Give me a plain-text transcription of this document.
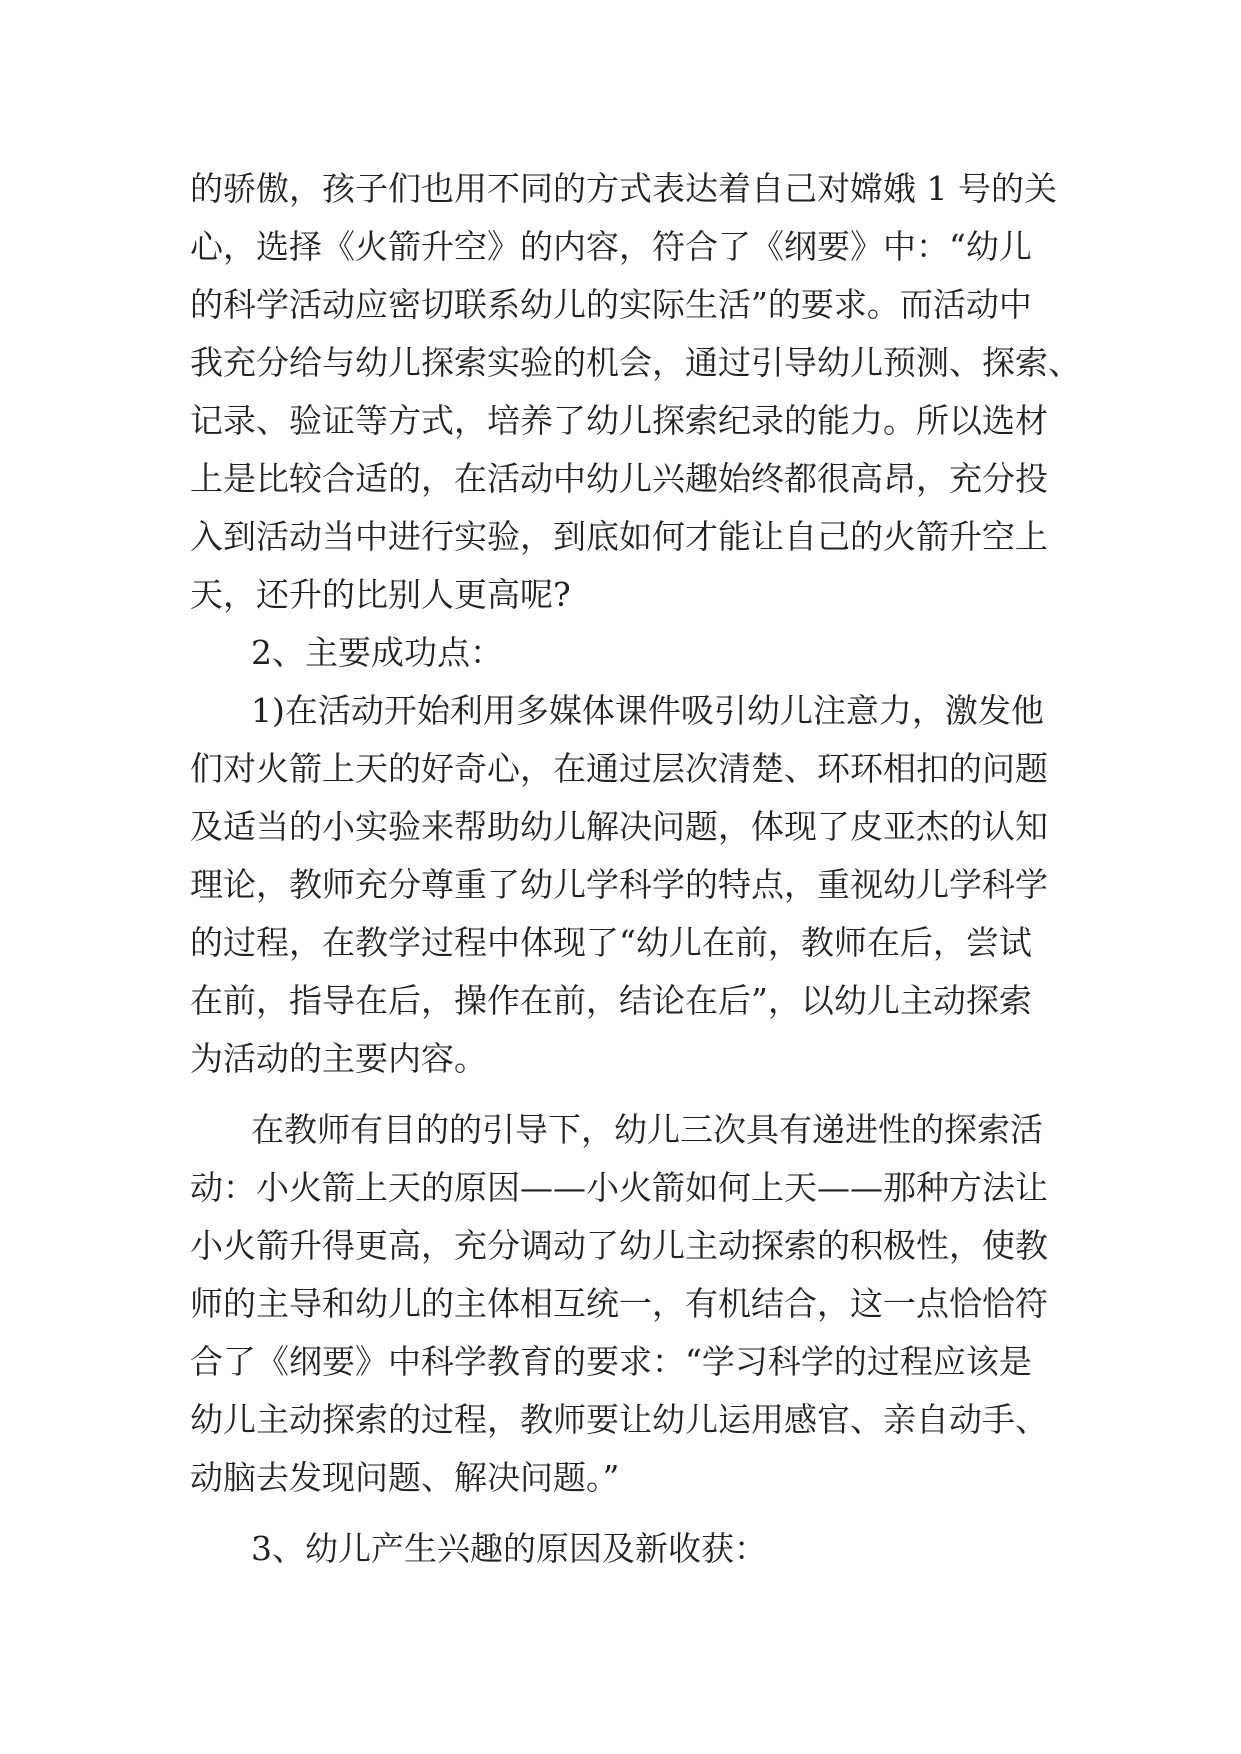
的骄傲，孩子们也用不同的方式表达着自己对嫦娥 1 号的关
心，选择《火箭升空》的内容，符合了《纲要》中：“幼儿
的科学活动应密切联系幼儿的实际生活”的要求。而活动中
我充分给与幼儿探索实验的机会，通过引导幼儿预测、探索、
记录、验证等方式，培养了幼儿探索纪录的能力。所以选材
上是比较合适的，在活动中幼儿兴趣始终都很高昂，充分投
入到活动当中进行实验，到底如何才能让自己的火箭升空上
天，还升的比别人更高呢?
2、主要成功点：
1)在活动开始利用多媒体课件吸引幼儿注意力，激发他
们对火箭上天的好奇心，在通过层次清楚、环环相扣的问题
及适当的小实验来帮助幼儿解决问题，体现了皮亚杰的认知
理论，教师充分尊重了幼儿学科学的特点，重视幼儿学科学
的过程，在教学过程中体现了“幼儿在前，教师在后，尝试
在前，指导在后，操作在前，结论在后”，以幼儿主动探索
为活动的主要内容。
在教师有目的的引导下，幼儿三次具有递进性的探索活
动：小火箭上天的原因——小火箭如何上天——那种方法让
小火箭升得更高，充分调动了幼儿主动探索的积极性，使教
师的主导和幼儿的主体相互统一，有机结合，这一点恰恰符
合了《纲要》中科学教育的要求：“学习科学的过程应该是
幼儿主动探索的过程，教师要让幼儿运用感官、亲自动手、
动脑去发现问题、解决问题。”
3、幼儿产生兴趣的原因及新收获：
